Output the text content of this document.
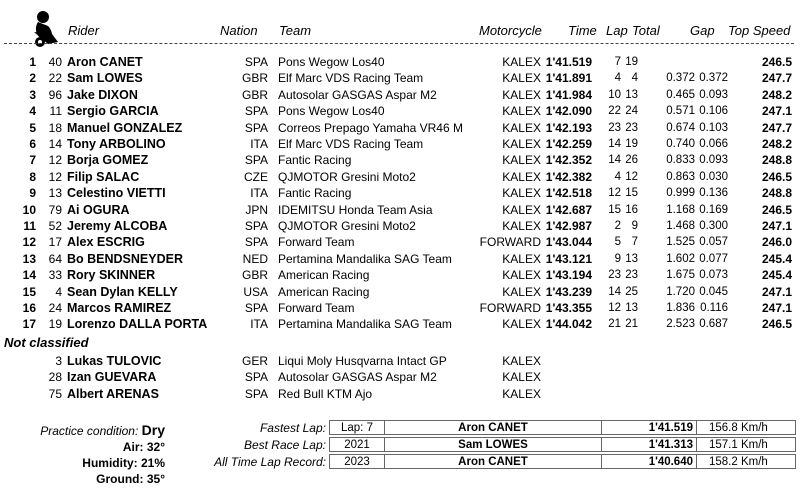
Rider	Nation Team	Motorcycle Time Lap Total Gap Top Speed
1	40 Aron CANET	SPA Pons Wegow Los40	KALEX 1'41.519 7 19	246.5
2	22 Sam LOWES	GBR Elf Marc VDS Racing Team	KALEX 1'41.891 4 4 0.372 0.372	247.7
3	96 Jake DIXON	GBR Autosolar GASGAS Aspar M2	KALEX 1'41.984 10 13 0.465 0.093	248.2
4	11 Sergio GARCIA	SPA Pons Wegow Los40	KALEX 1'42.090 22 24 0.571 0.106	247.1
5	18 Manuel GONZALEZ	SPA Correos Prepago Yamaha VR46 M	KALEX 1'42.193 23 23 0.674 0.103	247.7
6	14 Tony ARBOLINO	ITA Elf Marc VDS Racing Team	KALEX 1'42.259 14 19 0.740 0.066	248.2
7	12 Borja GOMEZ	SPA Fantic Racing	KALEX 1'42.352 14 26 0.833 0.093	248.8
8	12 Filip SALAC	CZE QJMOTOR Gresini Moto2	KALEX 1'42.382 4 12 0.863 0.030	246.5
9	13 Celestino VIETTI	ITA Fantic Racing	KALEX 1'42.518 12 15 0.999 0.136	248.8
10	79 Ai OGURA	JPN IDEMITSU Honda Team Asia	KALEX 1'42.687 15 16 1.168 0.169	246.5
11	52 Jeremy ALCOBA	SPA QJMOTOR Gresini Moto2	KALEX 1'42.987 2 9 1.468 0.300	247.1
12	17 Alex ESCRIG	SPA Forward Team	FORWARD 1'43.044 5 7 1.525 0.057	246.0
13	64 Bo BENDSNEYDER	NED Pertamina Mandalika SAG Team	KALEX 1'43.121 9 13 1.602 0.077	245.4
14	33 Rory SKINNER	GBR American Racing	KALEX 1'43.194 23 23 1.675 0.073	245.4
15	4 Sean Dylan KELLY	USA American Racing	KALEX 1'43.239 14 25 1.720 0.045	247.1
16	24 Marcos RAMIREZ	SPA Forward Team	FORWARD 1'43.355 12 13 1.836 0.116	247.1
17	19 Lorenzo DALLA PORTA	ITA Pertamina Mandalika SAG Team	KALEX 1'44.042 21 21 2.523 0.687	246.5
Not classified
3 Lukas TULOVIC	GER Liqui Moly Husqvarna Intact GP	KALEX
28 Izan GUEVARA	SPA Autosolar GASGAS Aspar M2	KALEX
75 Albert ARENAS	SPA Red Bull KTM Ajo	KALEX
Practice condition: Dry
Air: 32°
Humidity: 21%
Ground: 35°
Fastest Lap:	Lap: 7	Aron CANET	1'41.519	156.8 Km/h
Best Race Lap:	2021	Sam LOWES	1'41.313	157.1 Km/h
All Time Lap Record:	2023	Aron CANET	1'40.640	158.2 Km/h
